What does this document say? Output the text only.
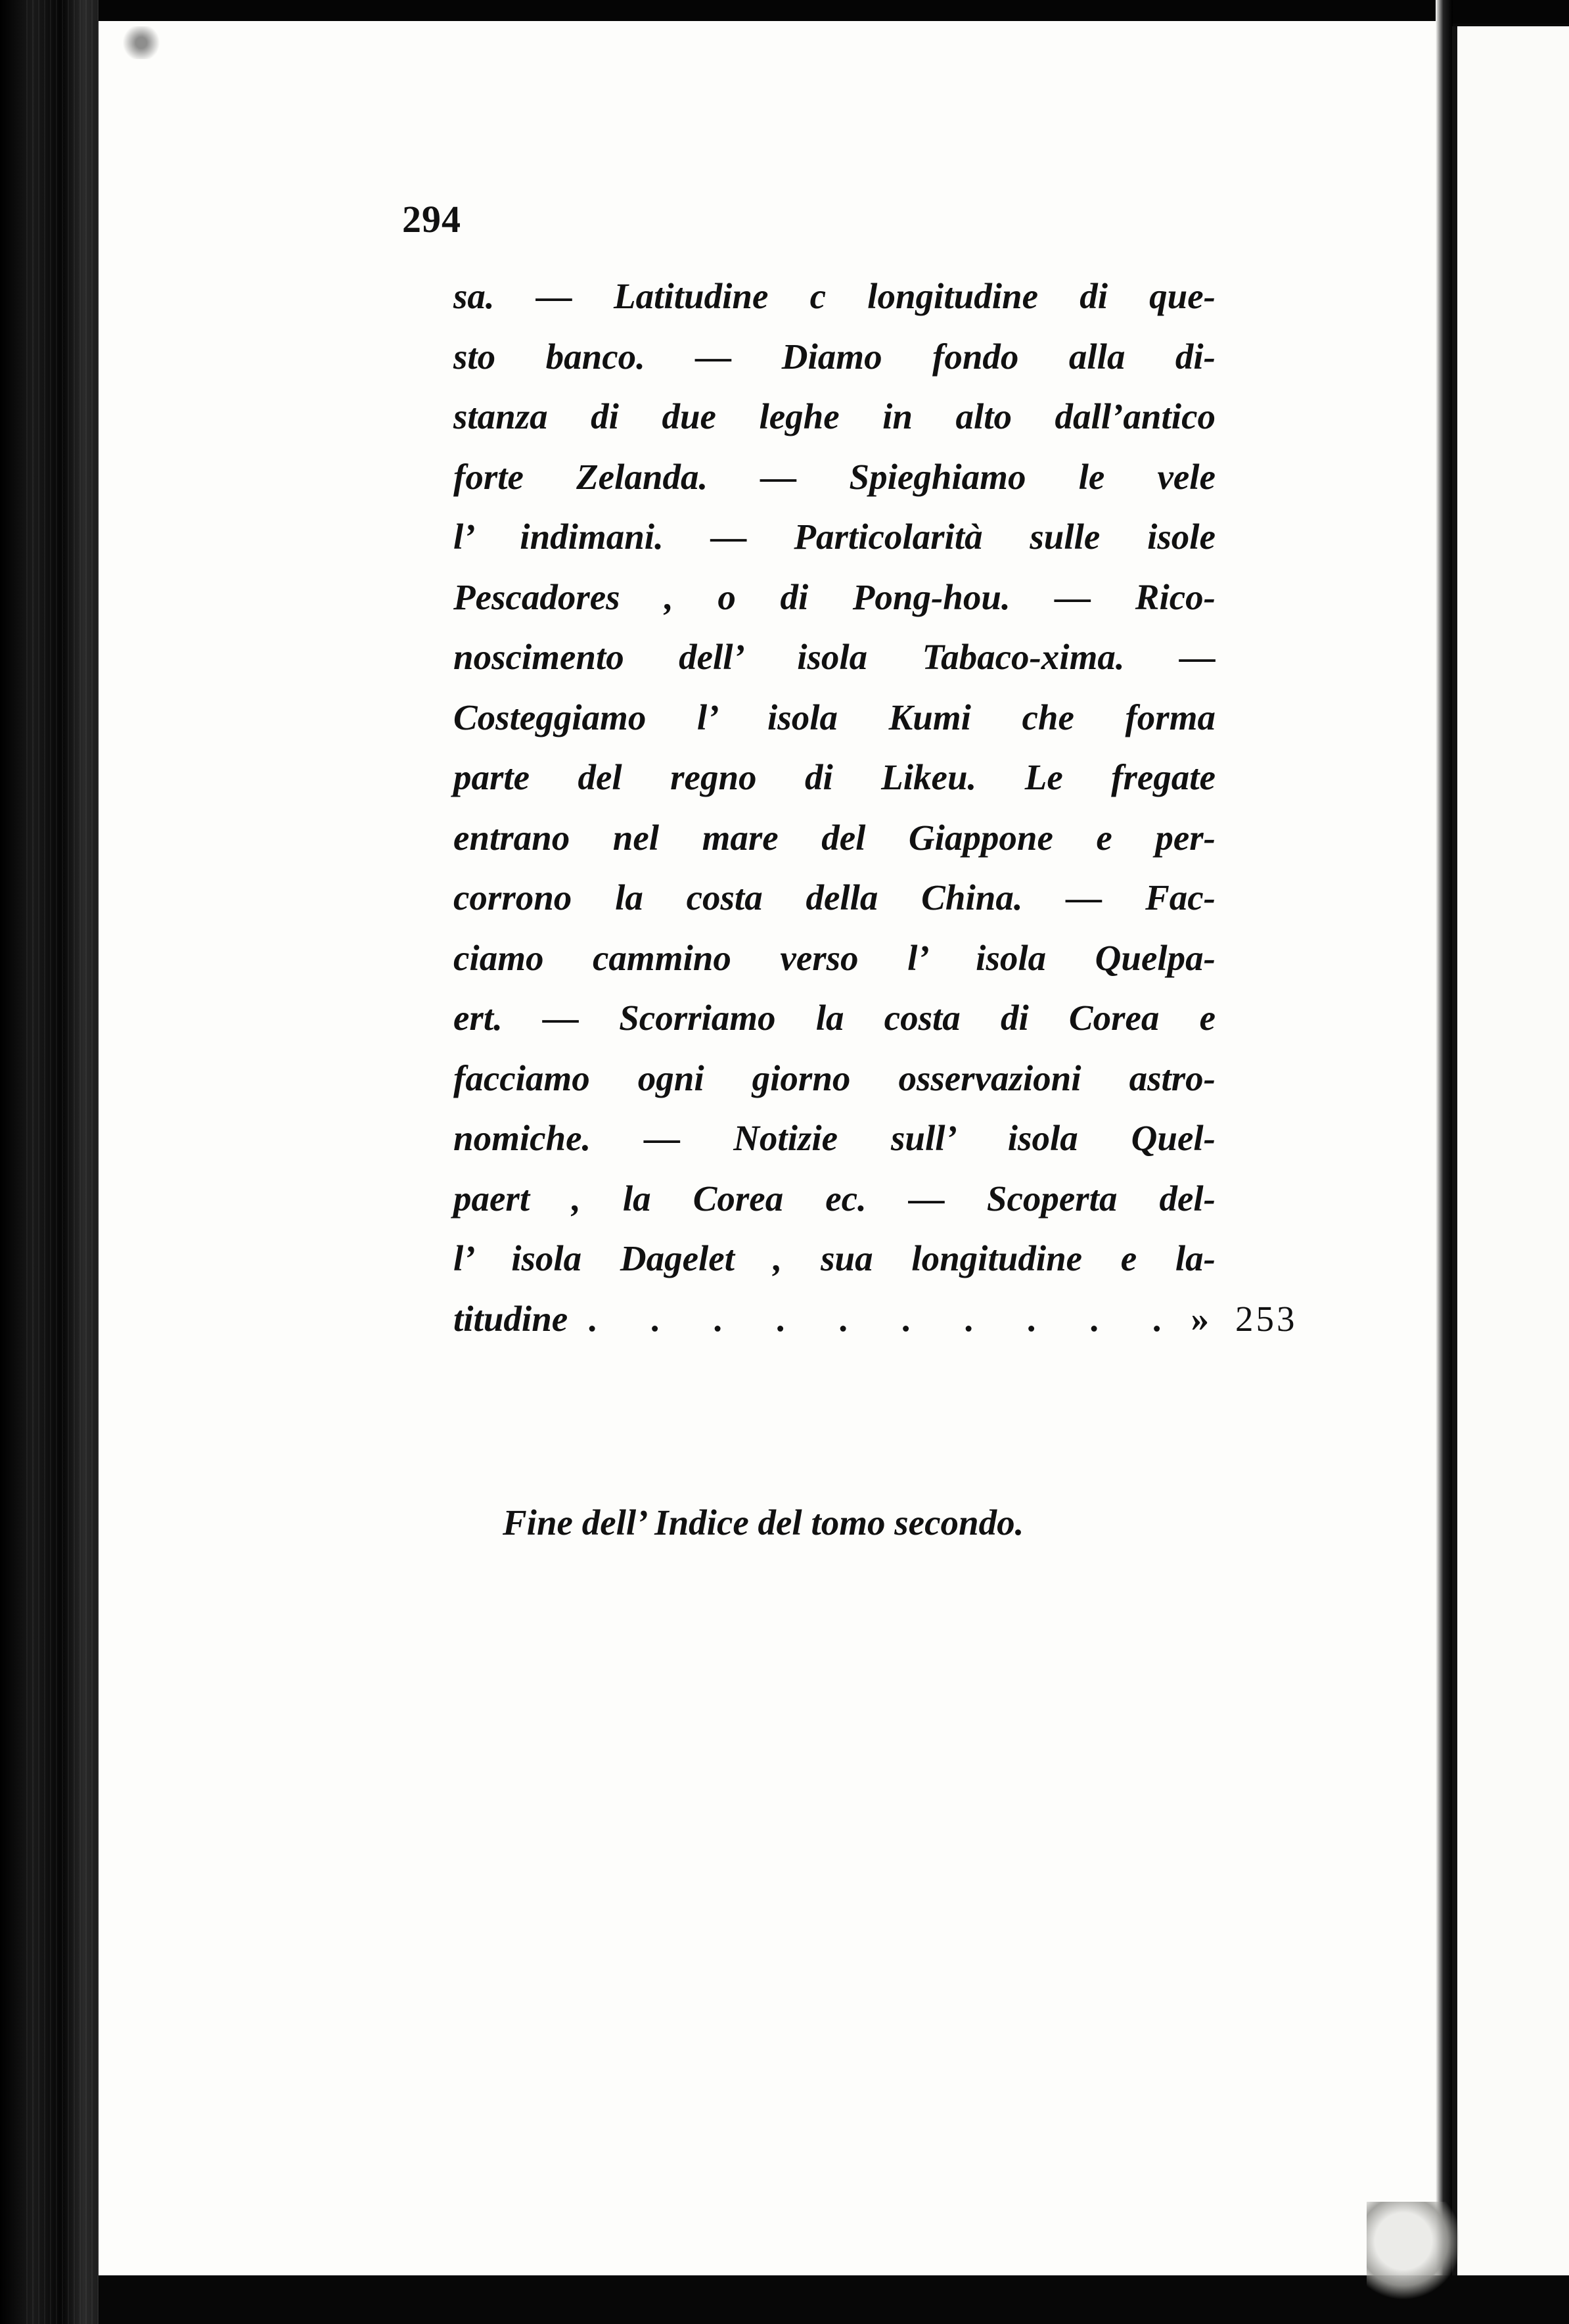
294
sa. — Latitudine c longitudine di que-
sto banco. — Diamo fondo alla di-
stanza di due leghe in alto dall’antico
forte Zelanda. — Spieghiamo le vele
l’ indimani. — Particolarità sulle isole
Pescadores , o di Pong-hou. — Rico-
noscimento dell’ isola Tabaco-xima. —
Costeggiamo l’ isola Kumi che forma
parte del regno di Likeu. Le fregate
entrano nel mare del Giappone e per-
corrono la costa della China. — Fac-
ciamo cammino verso l’ isola Quelpa-
ert. — Scorriamo la costa di Corea e
facciamo ogni giorno osservazioni astro-
nomiche. — Notizie sull’ isola Quel-
paert , la Corea ec. — Scoperta del-
l’ isola Dagelet , sua longitudine e la-
titudine . . . . . . . . . . » 253
Fine dell’ Indice del tomo secondo.
